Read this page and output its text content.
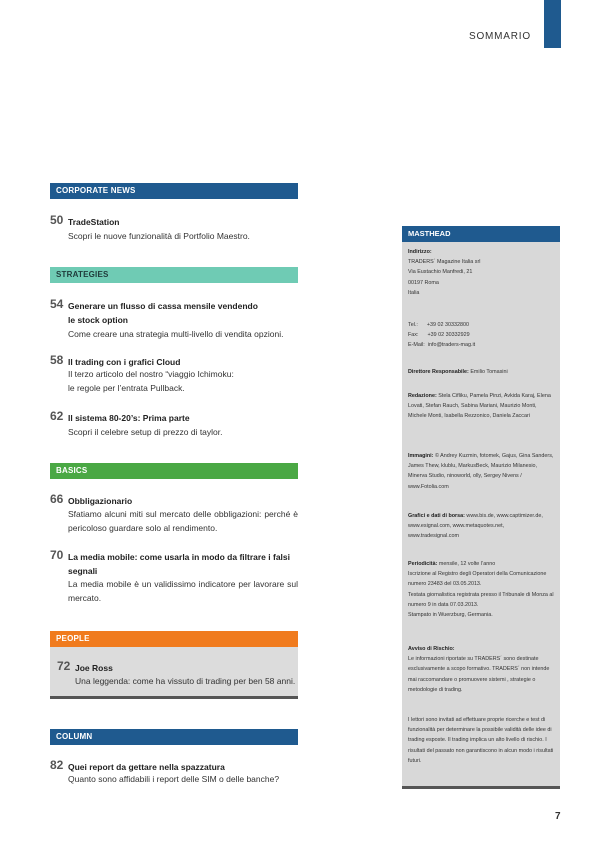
SOMMARIO
CORPORATE NEWS
50 TradeStation
Scopri le nuove funzionalità di Portfolio Maestro.
STRATEGIES
54 Generare un flusso di cassa mensile vendendo
le stock option
Come creare una strategia multi-livello di vendita opzioni.
58 Il trading con i grafici Cloud
Il terzo articolo del nostro “viaggio Ichimoku:
le regole per l’entrata Pullback.
62 Il sistema 80-20’s: Prima parte
Scopri il celebre setup di prezzo di taylor.
BASICS
66 Obbligazionario
Sfatiamo alcuni miti sul mercato delle obbligazioni: perché è pericoloso guardare solo al rendimento.
70 La media mobile: come usarla in modo da filtrare i falsi
segnali
La media mobile è un validissimo indicatore per lavorare sul mercato.
PEOPLE
72 Joe Ross
Una leggenda: come ha vissuto di trading per ben 58 anni.
COLUMN
82 Quei report da gettare nella spazzatura
Quanto sono affidabili i report delle SIM o delle banche?
MASTHEAD
Indirizzo:
TRADERS´ Magazine Italia srl
Via Eustachio Manfredi, 21
00197 Roma
Italia
Tel.:      +39 02 30332800
Fax:      +39 02 30332929
E-Mail:  info@traders-mag.it
Direttore Responsabile: Emilio Tomasini
Redazione: Stela Cifliku, Pamela Pinzi, Avkida Karaj, Elena Lovati, Stefan Rauch, Sabina Mariani, Maurizio Monti, Michele Monti, Isabella Rezzonico, Daniela Zaccari
Immagini: © Andrey Kuzmin, fotomek, Gajus, Gina Sanders, James Thew, klublu, MarkusBeck, Maurizio Milanesio, Minerva Studio, ninoworld, olly, Sergey Nivens / www.Fotolia.com
Grafici e dati di borsa: www.bis.de, www.captimizer.de, www.esignal.com, www.metaquotes.net, www.tradesignal.com
Periodicità: mensile, 12 volte l’anno
Iscrizione al Registro degli Operatori della Comunicazione numero 23483 del 03.05.2013.
Testata giornalistica registrata presso il Tribunale di Monza al numero 9 in data 07.03.2013.
Stampato in Wuerzburg, Germania.
Avviso di Rischio:
Le informazioni riportate su TRADERS´ sono destinate esclusivamente a scopo formativo. TRADERS´ non intende mai raccomandare o promuovere sistemi , strategie o metodologie di trading.
I lettori sono invitati ad effettuare proprie ricerche e test di funzionalità per determinare la possibile validità delle idee di trading esposte. Il trading implica un alto livello di rischio. I risultati del passato non garantiscono in alcun modo i risultati futuri.
7
